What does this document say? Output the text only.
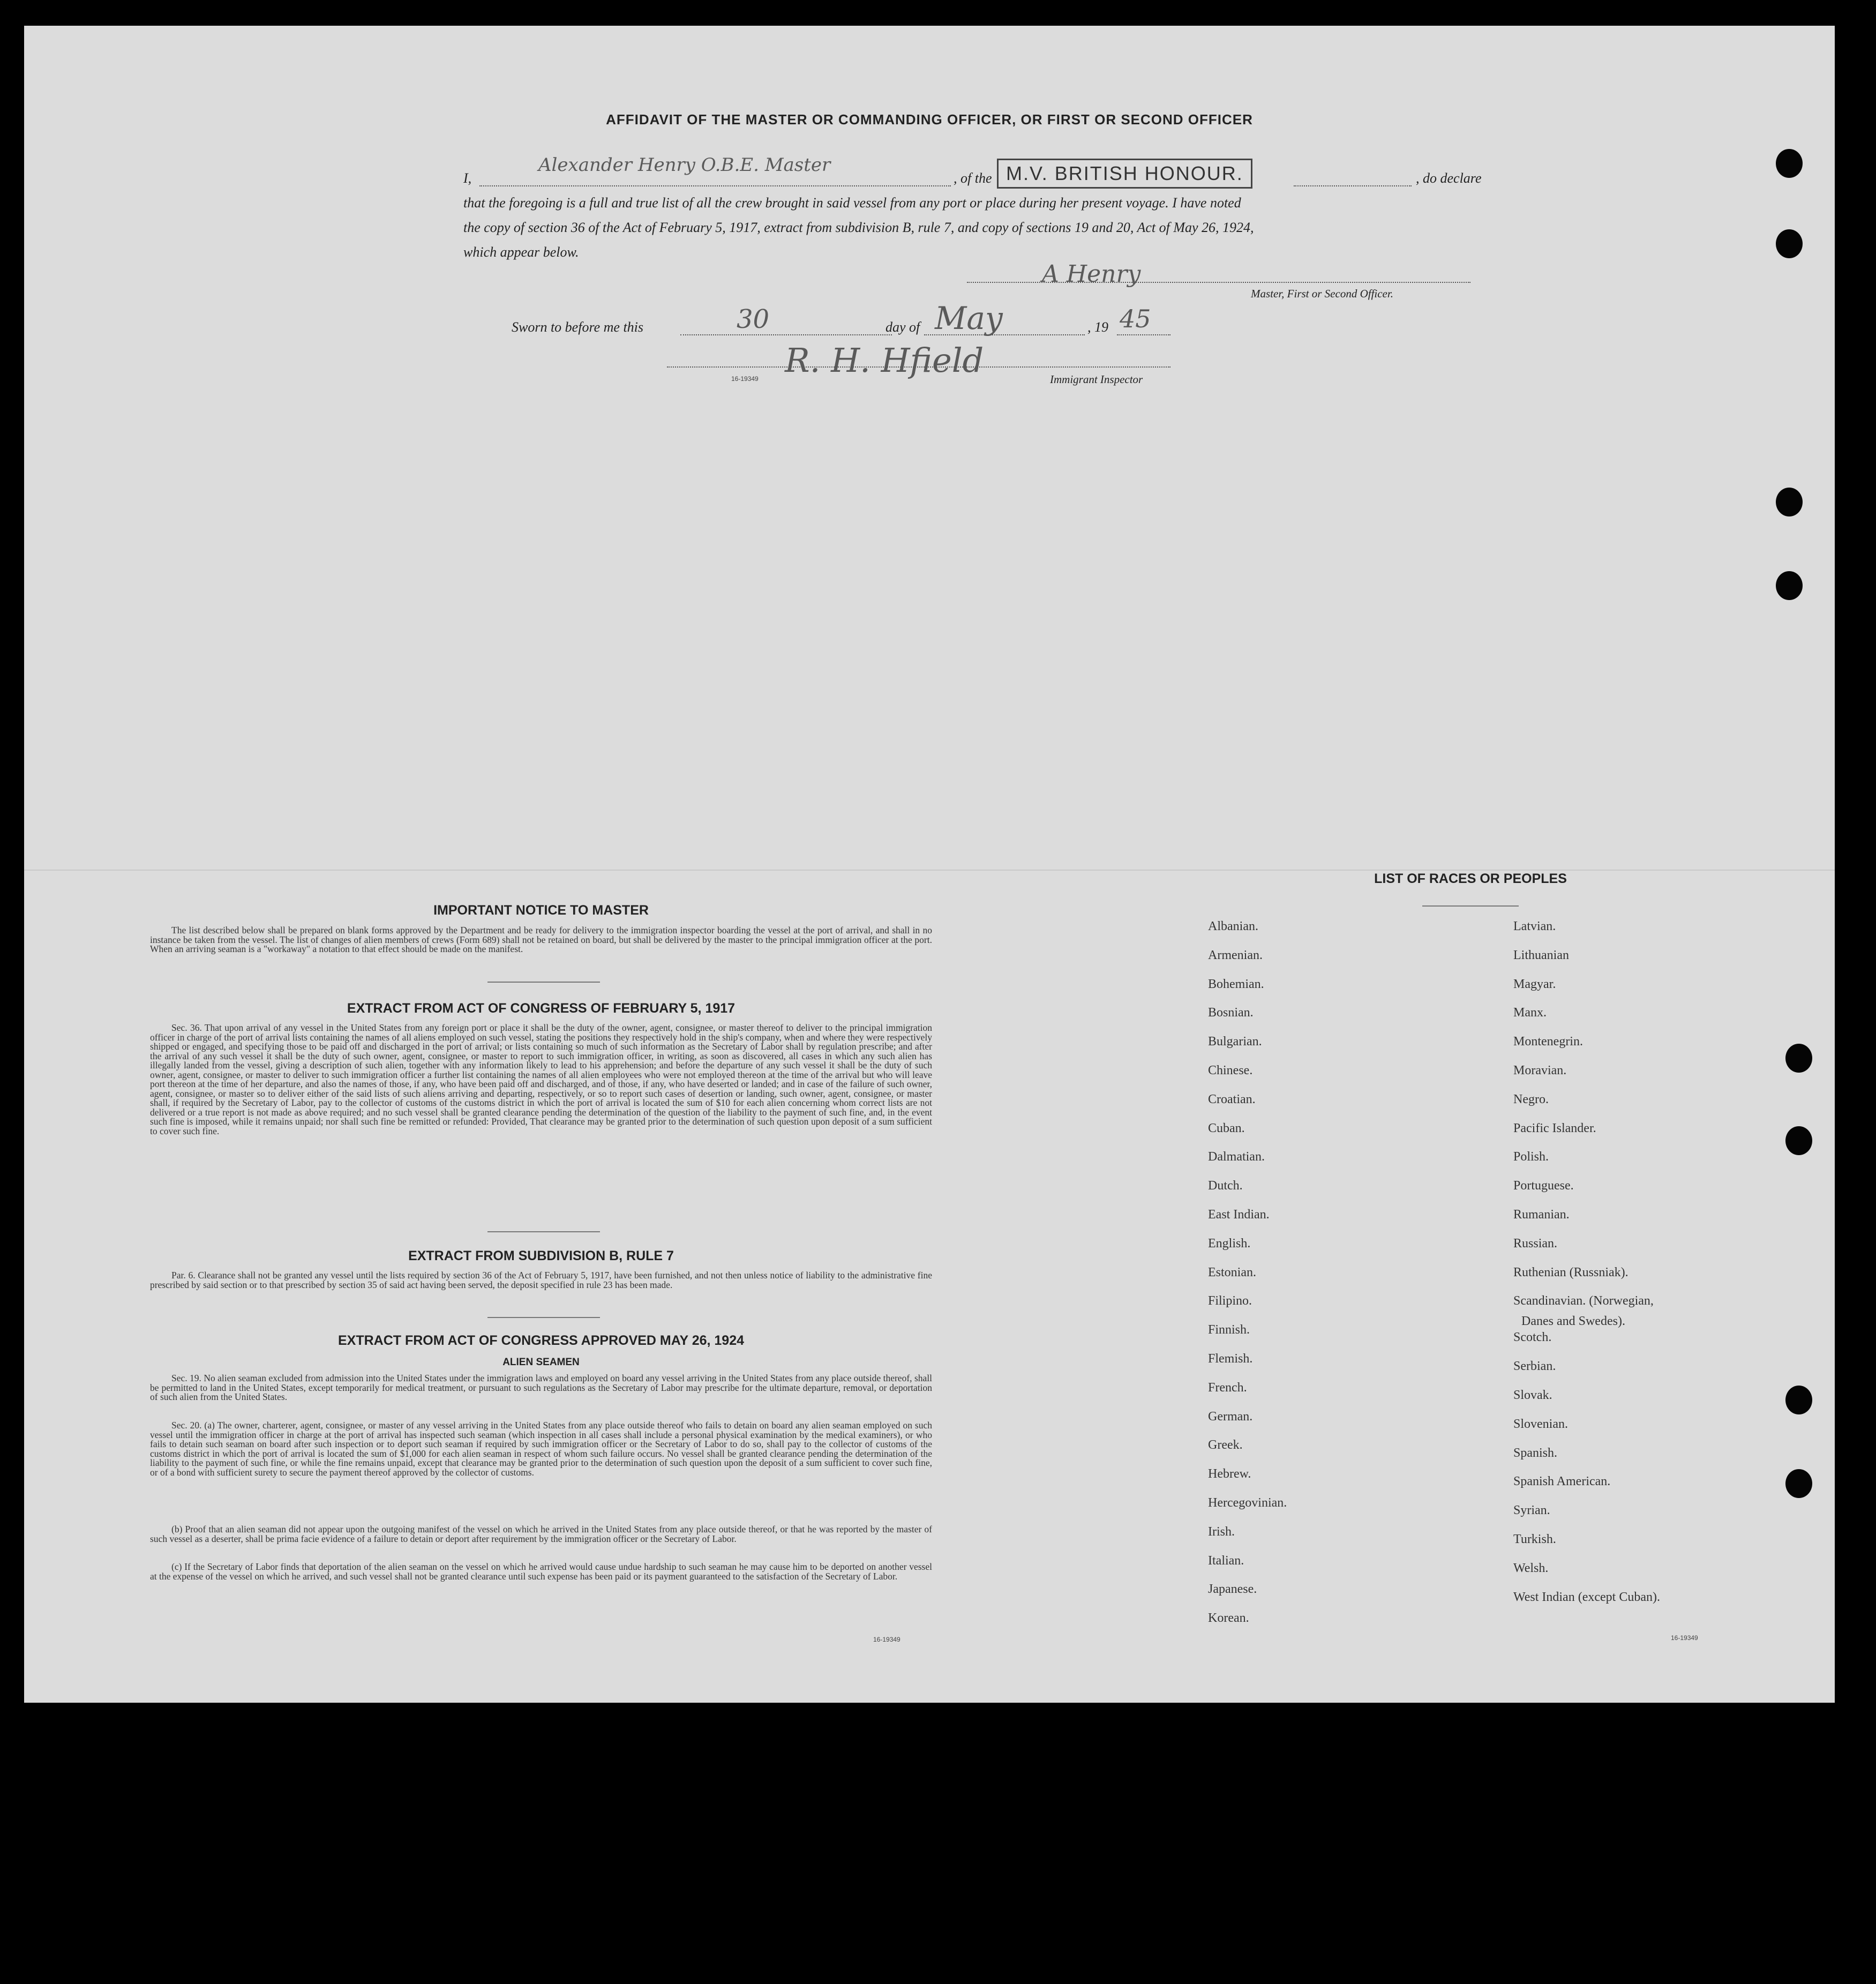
AFFIDAVIT OF THE MASTER OR COMMANDING OFFICER, OR FIRST OR SECOND OFFICER
I,
Alexander Henry O.B.E. Master
, of the M.V. BRITISH HONOUR.	, do declare
that the foregoing is a full and true list of all the crew brought in said vessel from any port or place during her present voyage. I have noted
the copy of section 36 of the Act of February 5, 1917, extract from subdivision B, rule 7, and copy of sections 19 and 20, Act of May 26, 1924,
which appear below.
A Henry
Master, First or Second Officer.
Sworn to before me this	30	day of May	, 19 45
R. H. Hfield
16-19349	Immigrant Inspector
IMPORTANT NOTICE TO MASTER
The list described below shall be prepared on blank forms approved by the Department and be ready for delivery to the immigration inspector boarding the vessel at the port of arrival, and shall in no instance be taken from the vessel. The list of changes of alien members of crews (Form 689) shall not be retained on board, but shall be delivered by the master to the principal immigration officer at the port. When an arriving seaman is a "workaway" a notation to that effect should be made on the manifest.
EXTRACT FROM ACT OF CONGRESS OF FEBRUARY 5, 1917
Sec. 36. That upon arrival of any vessel in the United States from any foreign port or place it shall be the duty of the owner, agent, consignee, or master thereof to deliver to the principal immigration officer in charge of the port of arrival lists containing the names of all aliens employed on such vessel, stating the positions they respectively hold in the ship's company, when and where they were respectively shipped or engaged, and specifying those to be paid off and discharged in the port of arrival; or lists containing so much of such information as the Secretary of Labor shall by regulation prescribe; and after the arrival of any such vessel it shall be the duty of such owner, agent, consignee, or master to report to such immigration officer, in writing, as soon as discovered, all cases in which any such alien has illegally landed from the vessel, giving a description of such alien, together with any information likely to lead to his apprehension; and before the departure of any such vessel it shall be the duty of such owner, agent, consignee, or master to deliver to such immigration officer a further list containing the names of all alien employees who were not employed thereon at the time of the arrival but who will leave port thereon at the time of her departure, and also the names of those, if any, who have been paid off and discharged, and of those, if any, who have deserted or landed; and in case of the failure of such owner, agent, consignee, or master so to deliver either of the said lists of such aliens arriving and departing, respectively, or so to report such cases of desertion or landing, such owner, agent, consignee, or master shall, if required by the Secretary of Labor, pay to the collector of customs of the customs district in which the port of arrival is located the sum of $10 for each alien concerning whom correct lists are not delivered or a true report is not made as above required; and no such vessel shall be granted clearance pending the determination of the question of the liability to the payment of such fine, and, in the event such fine is imposed, while it remains unpaid; nor shall such fine be remitted or refunded: Provided, That clearance may be granted prior to the determination of such question upon deposit of a sum sufficient to cover such fine.
EXTRACT FROM SUBDIVISION B, RULE 7
Par. 6. Clearance shall not be granted any vessel until the lists required by section 36 of the Act of February 5, 1917, have been furnished, and not then unless notice of liability to the administrative fine prescribed by said section or to that prescribed by section 35 of said act having been served, the deposit specified in rule 23 has been made.
EXTRACT FROM ACT OF CONGRESS APPROVED MAY 26, 1924
ALIEN SEAMEN
Sec. 19. No alien seaman excluded from admission into the United States under the immigration laws and employed on board any vessel arriving in the United States from any place outside thereof, shall be permitted to land in the United States, except temporarily for medical treatment, or pursuant to such regulations as the Secretary of Labor may prescribe for the ultimate departure, removal, or deportation of such alien from the United States.
Sec. 20. (a) The owner, charterer, agent, consignee, or master of any vessel arriving in the United States from any place outside thereof who fails to detain on board any alien seaman employed on such vessel until the immigration officer in charge at the port of arrival has inspected such seaman (which inspection in all cases shall include a personal physical examination by the medical examiners), or who fails to detain such seaman on board after such inspection or to deport such seaman if required by such immigration officer or the Secretary of Labor to do so, shall pay to the collector of customs of the customs district in which the port of arrival is located the sum of $1,000 for each alien seaman in respect of whom such failure occurs. No vessel shall be granted clearance pending the determination of the liability to the payment of such fine, or while the fine remains unpaid, except that clearance may be granted prior to the determination of such question upon the deposit of a sum sufficient to cover such fine, or of a bond with sufficient surety to secure the payment thereof approved by the collector of customs.
(b) Proof that an alien seaman did not appear upon the outgoing manifest of the vessel on which he arrived in the United States from any place outside thereof, or that he was reported by the master of such vessel as a deserter, shall be prima facie evidence of a failure to detain or deport after requirement by the immigration officer or the Secretary of Labor.
(c) If the Secretary of Labor finds that deportation of the alien seaman on the vessel on which he arrived would cause undue hardship to such seaman he may cause him to be deported on another vessel at the expense of the vessel on which he arrived, and such vessel shall not be granted clearance until such expense has been paid or its payment guaranteed to the satisfaction of the Secretary of Labor.
16-19349
LIST OF RACES OR PEOPLES
Albanian.
Armenian.
Bohemian.
Bosnian.
Bulgarian.
Chinese.
Croatian.
Cuban.
Dalmatian.
Dutch.
East Indian.
English.
Estonian.
Filipino.
Finnish.
Flemish.
French.
German.
Greek.
Hebrew.
Hercegovinian.
Irish.
Italian.
Japanese.
Korean.
Latvian.
Lithuanian
Magyar.
Manx.
Montenegrin.
Moravian.
Negro.
Pacific Islander.
Polish.
Portuguese.
Rumanian.
Russian.
Ruthenian (Russniak).
Scandinavian. (Norwegian,
Danes and Swedes).
Scotch.
Serbian.
Slovak.
Slovenian.
Spanish.
Spanish American.
Syrian.
Turkish.
Welsh.
West Indian (except Cuban).
16-19349
